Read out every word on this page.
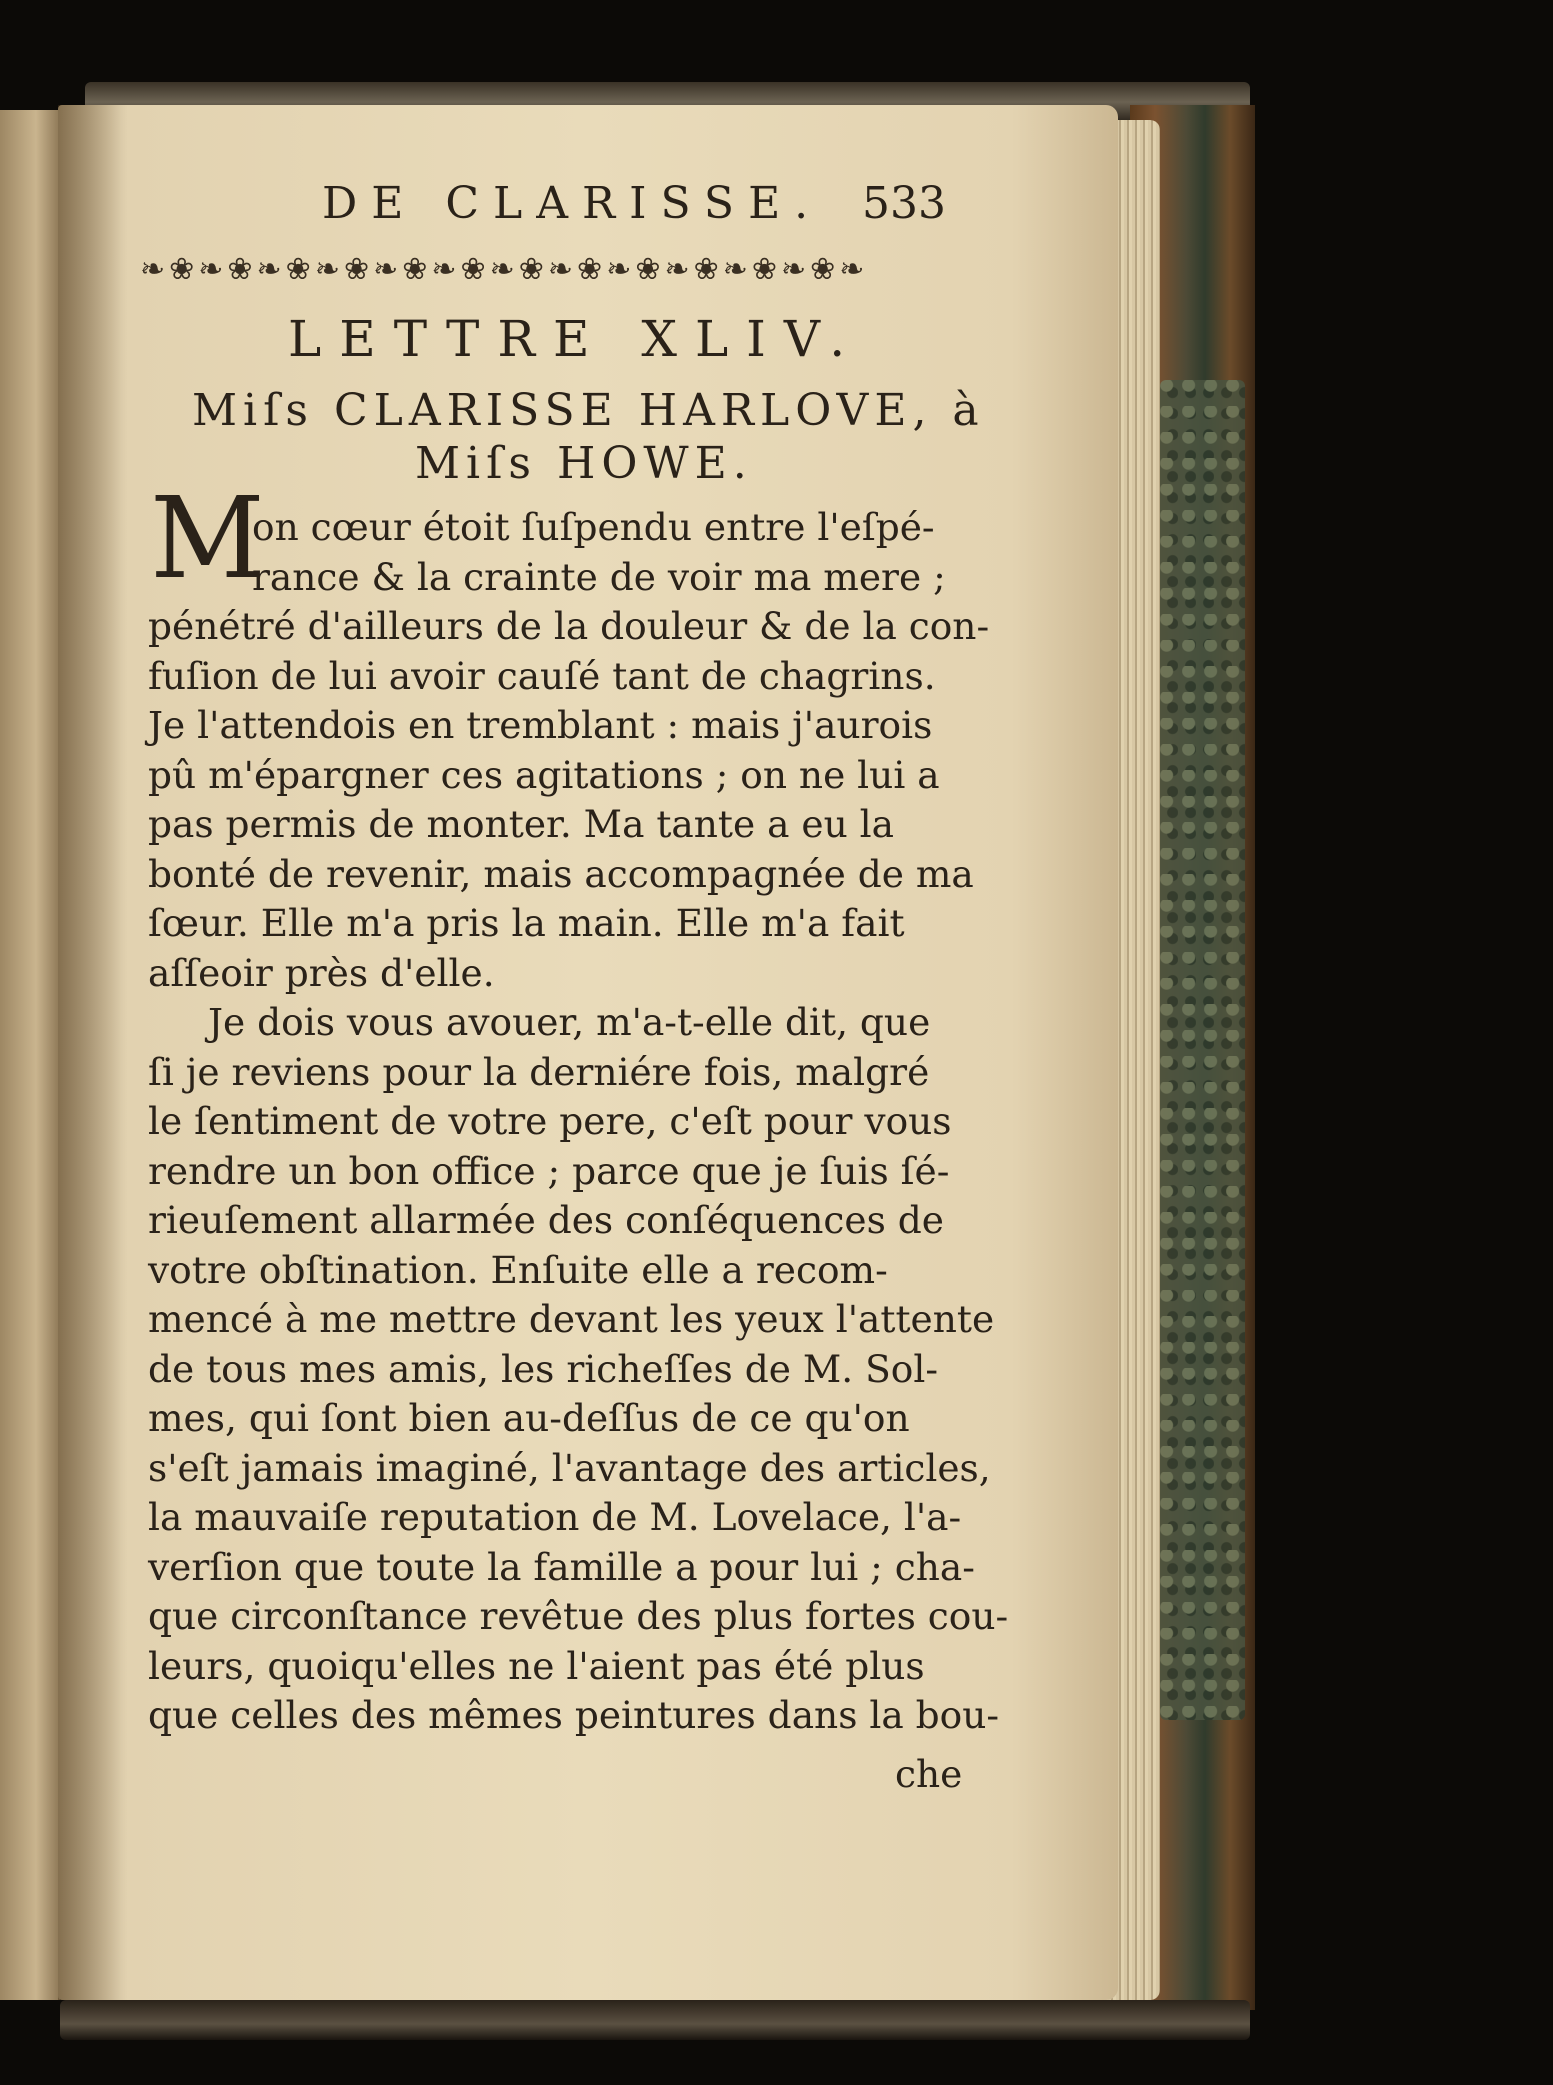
DE CLARISSE. 533
❧❀❧❀❧❀❧❀❧❀❧❀❧❀❧❀❧❀❧❀❧❀❧❀❧
LETTRE XLIV.
Miſs CLARISSE HARLOVE, à
Miſs HOWE.
M
on cœur étoit ſuſpendu entre l'eſpé-
rance & la crainte de voir ma mere ;
pénétré d'ailleurs de la douleur & de la con-
fuſion de lui avoir cauſé tant de chagrins.
Je l'attendois en tremblant : mais j'aurois
pû m'épargner ces agitations ; on ne lui a
pas permis de monter. Ma tante a eu la
bonté de revenir, mais accompagnée de ma
ſœur. Elle m'a pris la main. Elle m'a fait
aſſeoir près d'elle.
Je dois vous avouer, m'a-t-elle dit, que
ſi je reviens pour la derniére fois, malgré
le ſentiment de votre pere, c'eſt pour vous
rendre un bon office ; parce que je ſuis ſé-
rieuſement allarmée des conſéquences de
votre obſtination. Enſuite elle a recom-
mencé à me mettre devant les yeux l'attente
de tous mes amis, les richeſſes de M. Sol-
mes, qui ſont bien au-deſſus de ce qu'on
s'eſt jamais imaginé, l'avantage des articles,
la mauvaiſe reputation de M. Lovelace, l'a-
verſion que toute la famille a pour lui ; cha-
que circonſtance revêtue des plus fortes cou-
leurs, quoiqu'elles ne l'aient pas été plus
que celles des mêmes peintures dans la bou-
che
